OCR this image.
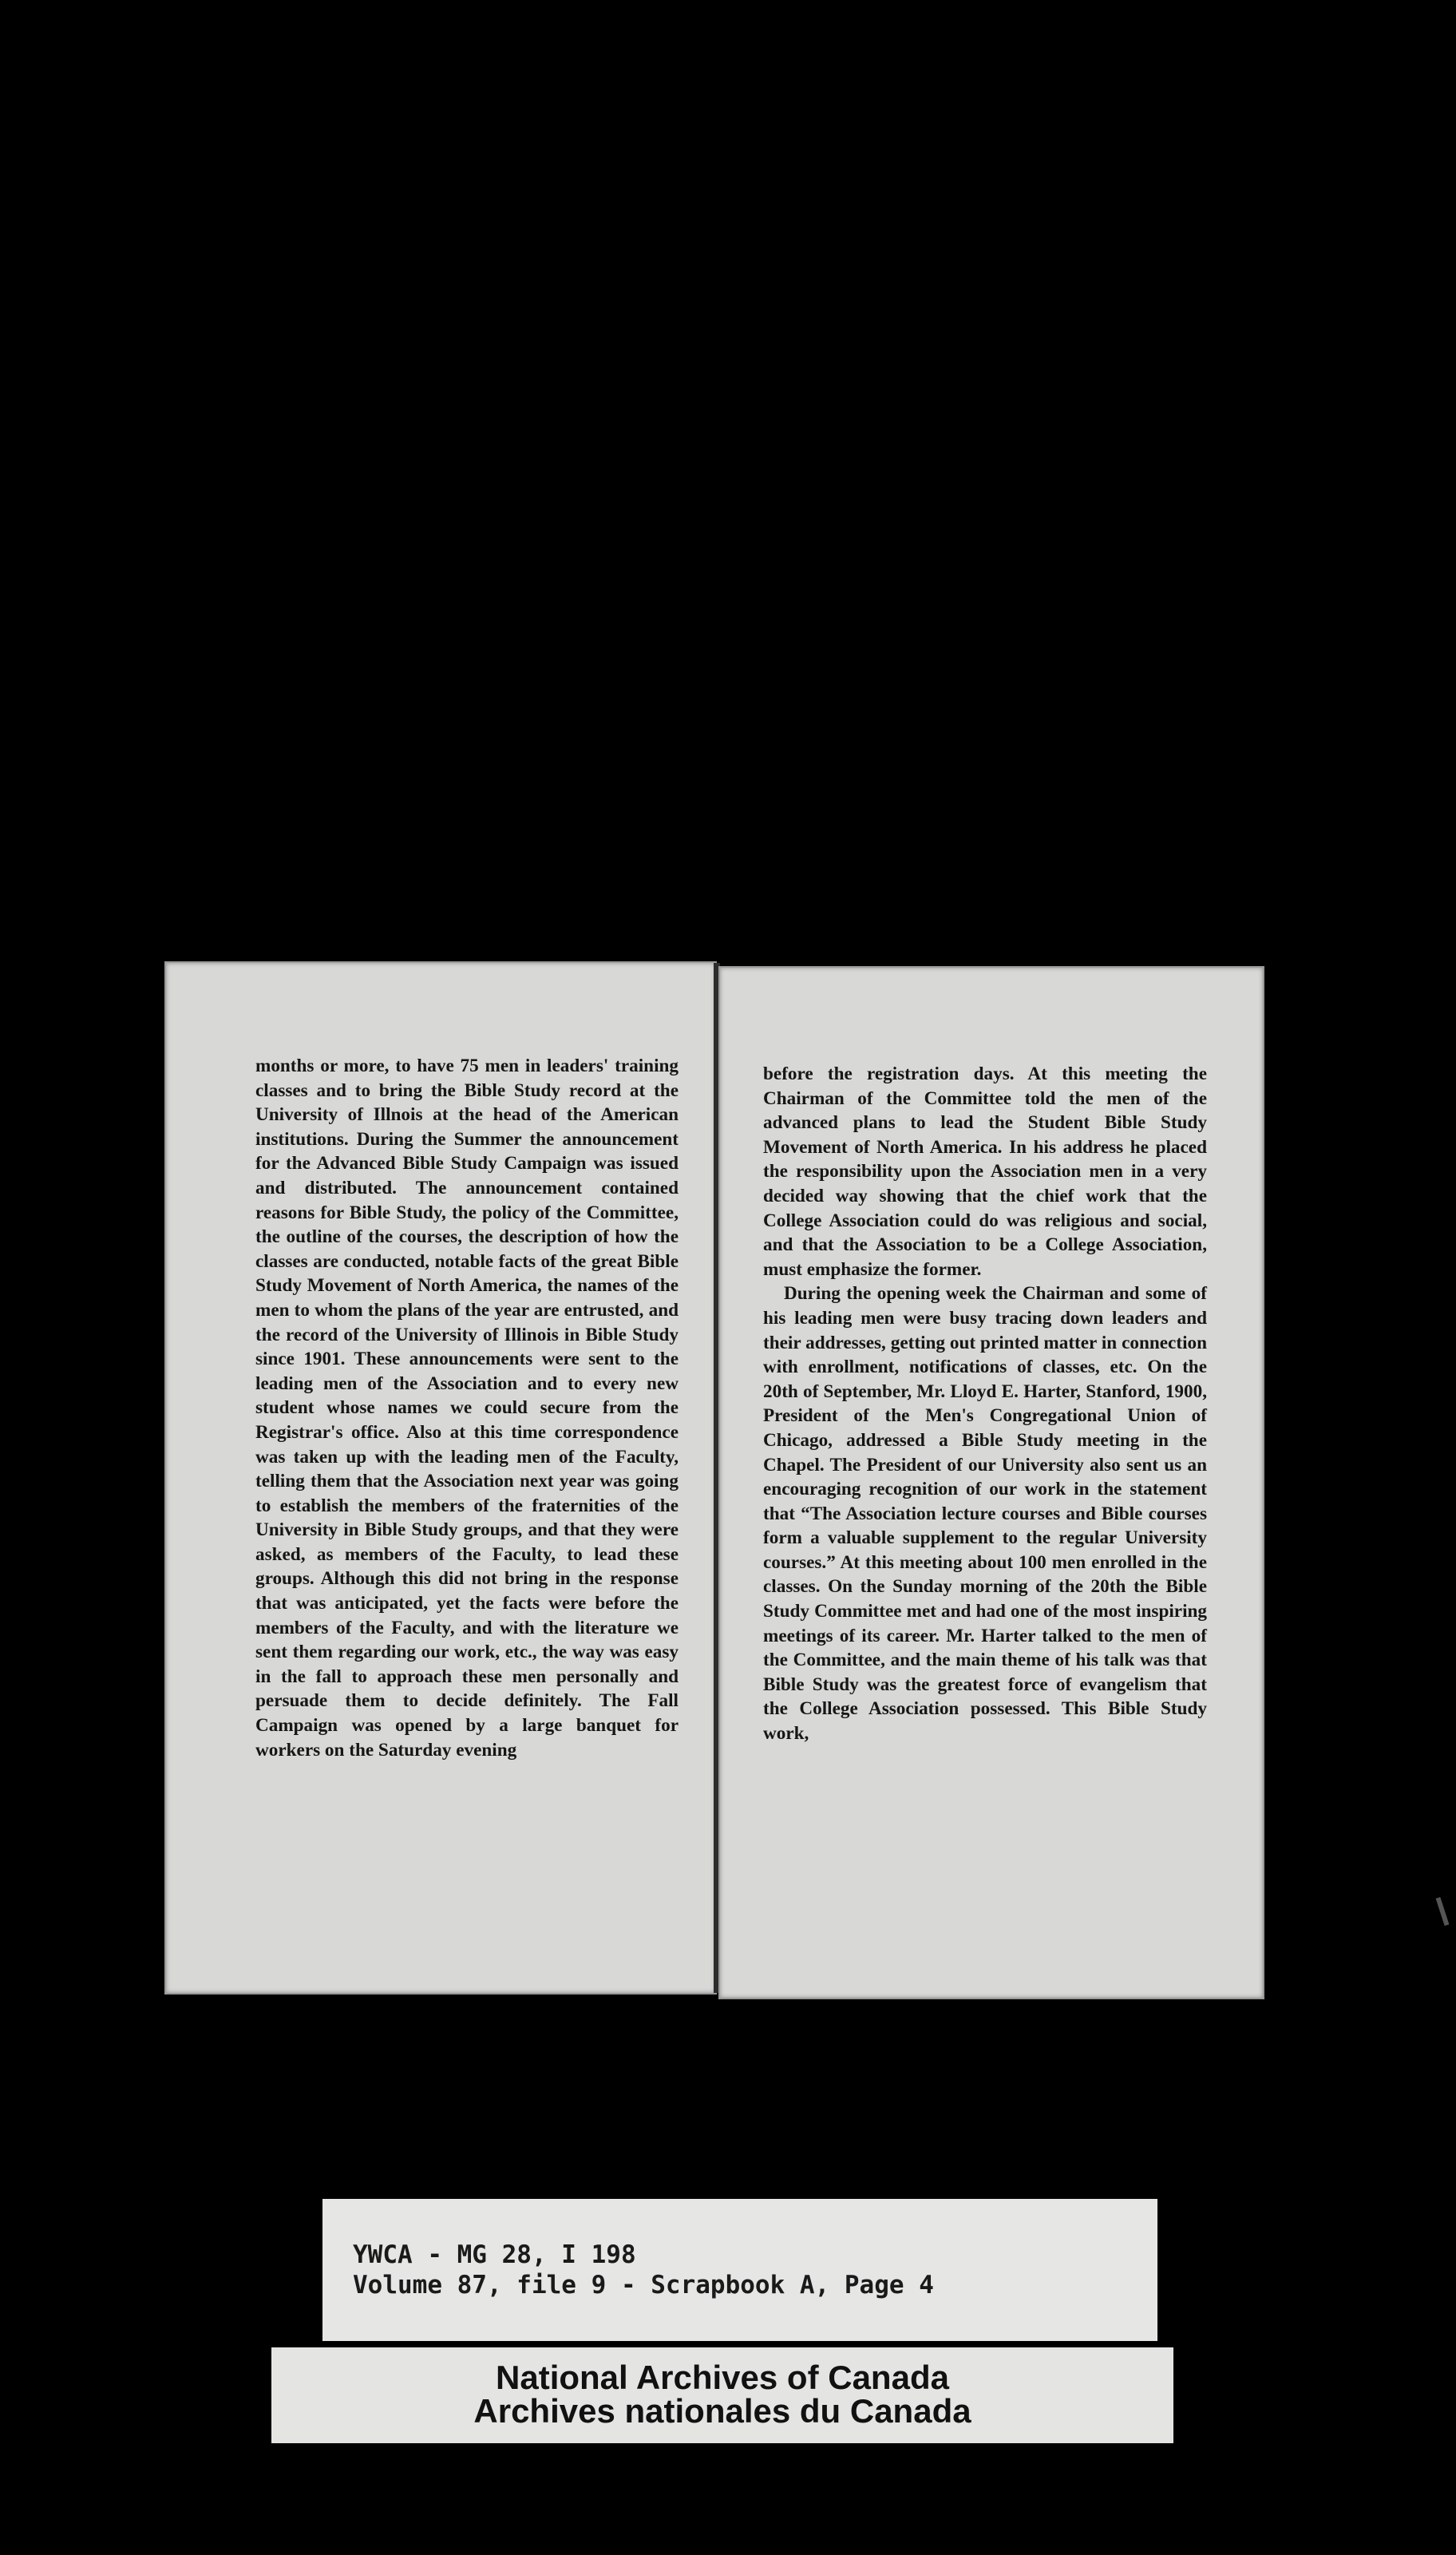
months or more, to have 75 men in leaders' training classes and to bring the Bible Study record at the University of Illnois at the head of the American institutions. During the Summer the announcement for the Advanced Bible Study Campaign was issued and distributed. The announcement contained reasons for Bible Study, the policy of the Committee, the outline of the courses, the description of how the classes are conducted, notable facts of the great Bible Study Movement of North America, the names of the men to whom the plans of the year are entrusted, and the record of the University of Illinois in Bible Study since 1901. These announcements were sent to the leading men of the Association and to every new student whose names we could secure from the Registrar's office. Also at this time correspondence was taken up with the leading men of the Faculty, telling them that the Association next year was going to establish the members of the fraternities of the University in Bible Study groups, and that they were asked, as members of the Faculty, to lead these groups. Although this did not bring in the response that was anticipated, yet the facts were before the members of the Faculty, and with the literature we sent them regarding our work, etc., the way was easy in the fall to approach these men personally and persuade them to decide definitely. The Fall Campaign was opened by a large banquet for workers on the Saturday evening

before the registration days. At this meeting the Chairman of the Committee told the men of the advanced plans to lead the Student Bible Study Movement of North America. In his address he placed the responsibility upon the Association men in a very decided way showing that the chief work that the College Association could do was religious and social, and that the Association to be a College Association, must emphasize the former.

During the opening week the Chairman and some of his leading men were busy tracing down leaders and their addresses, getting out printed matter in connection with enrollment, notifications of classes, etc. On the 20th of September, Mr. Lloyd E. Harter, Stanford, 1900, President of the Men's Congregational Union of Chicago, addressed a Bible Study meeting in the Chapel. The President of our University also sent us an encouraging recognition of our work in the statement that “The Association lecture courses and Bible courses form a valuable supplement to the regular University courses.” At this meeting about 100 men enrolled in the classes. On the Sunday morning of the 20th the Bible Study Committee met and had one of the most inspiring meetings of its career. Mr. Harter talked to the men of the Committee, and the main theme of his talk was that Bible Study was the greatest force of evangelism that the College Association possessed. This Bible Study work,

YWCA - MG 28, I 198
Volume 87, file 9 - Scrapbook A, Page 4
National Archives of Canada
Archives nationales du Canada
